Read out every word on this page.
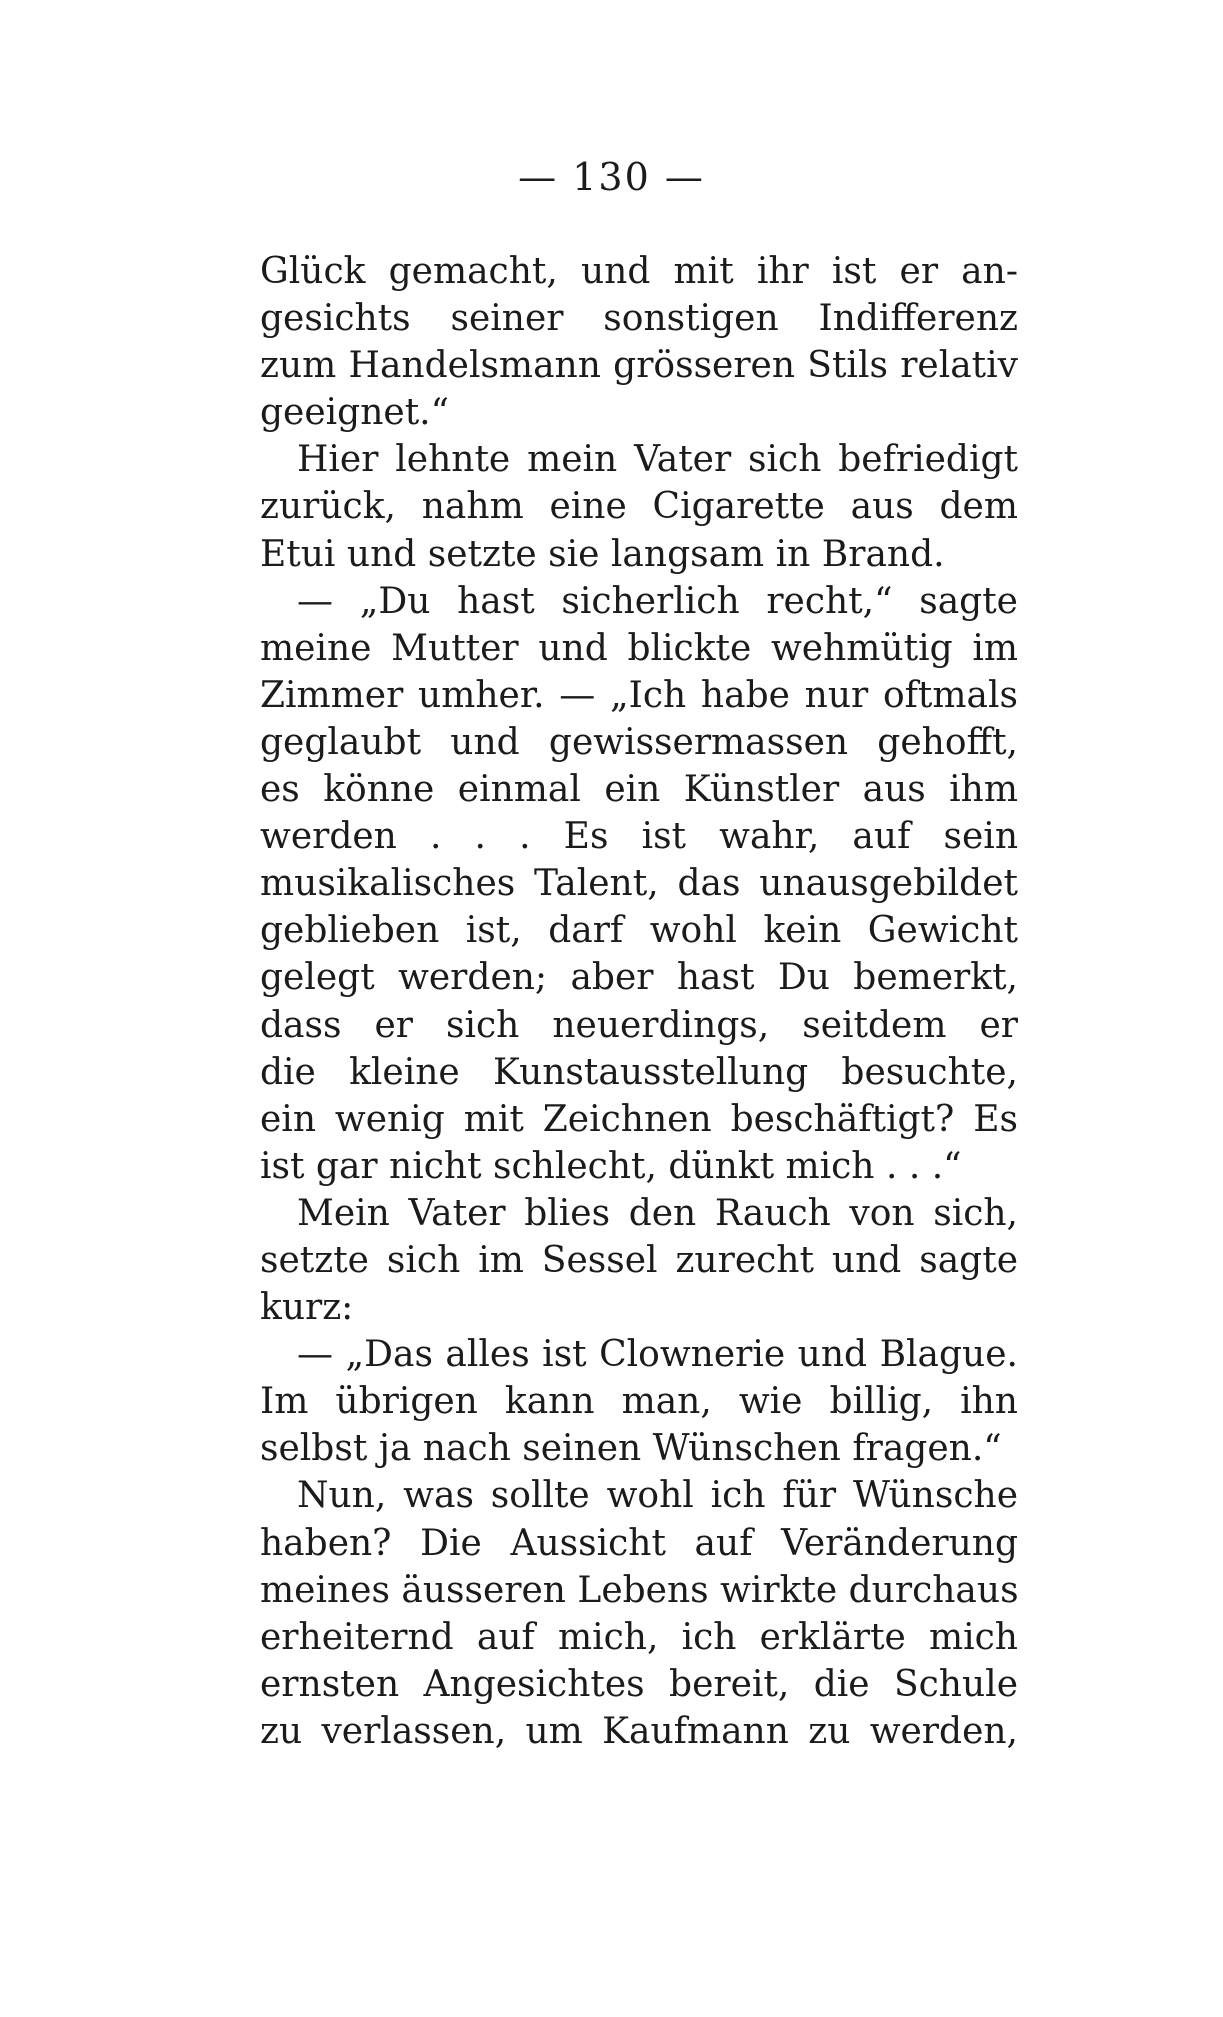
— 130 —
Glück gemacht, und mit ihr ist er an-
gesichts seiner sonstigen Indifferenz
zum Handelsmann grösseren Stils relativ
geeignet.“
Hier lehnte mein Vater sich befriedigt
zurück, nahm eine Cigarette aus dem
Etui und setzte sie langsam in Brand.
— „Du hast sicherlich recht,“ sagte
meine Mutter und blickte wehmütig im
Zimmer umher. — „Ich habe nur oftmals
geglaubt und gewissermassen gehofft,
es könne einmal ein Künstler aus ihm
werden . . . Es ist wahr, auf sein
musikalisches Talent, das unausgebildet
geblieben ist, darf wohl kein Gewicht
gelegt werden; aber hast Du bemerkt,
dass er sich neuerdings, seitdem er
die kleine Kunstausstellung besuchte,
ein wenig mit Zeichnen beschäftigt? Es
ist gar nicht schlecht, dünkt mich . . .“
Mein Vater blies den Rauch von sich,
setzte sich im Sessel zurecht und sagte
kurz:
— „Das alles ist Clownerie und Blague.
Im übrigen kann man, wie billig, ihn
selbst ja nach seinen Wünschen fragen.“
Nun, was sollte wohl ich für Wünsche
haben? Die Aussicht auf Veränderung
meines äusseren Lebens wirkte durchaus
erheiternd auf mich, ich erklärte mich
ernsten Angesichtes bereit, die Schule
zu verlassen, um Kaufmann zu werden,
